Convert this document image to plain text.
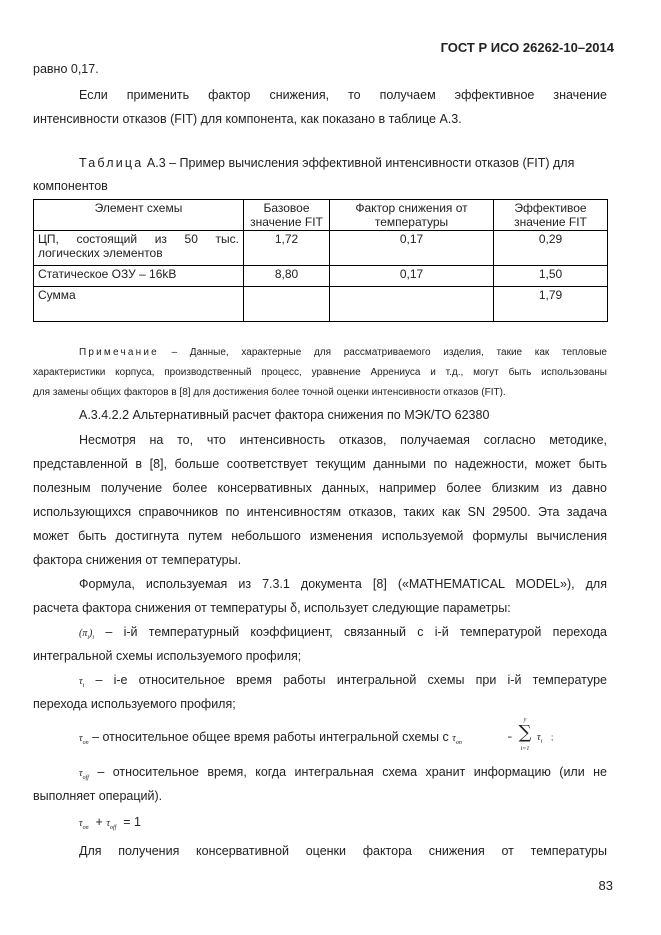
ГОСТ Р ИСО 26262-10–2014
равно 0,17.
Если применить фактор снижения, то получаем эффективное значение
интенсивности отказов (FIT) для компонента, как показано в таблице A.3.
Таблица A.3 – Пример вычисления эффективной интенсивности отказов (FIT) для
компонентов
Элемент схемы	Базовое значение FIT	Фактор снижения от температуры	Эффективое значение FIT

ЦП, состоящий из 50 тыс.
логических элементов	1,72	0,17	0,29
Статическое ОЗУ – 16kВ	8,80	0,17	1,50
Сумма			1,79
Примечание – Данные, характерные для рассматриваемого изделия, такие как тепловые
характеристики корпуса, производственный процесс, уравнение Аррениуса и т.д., могут быть использованы
для замены общих факторов в [8] для достижения более точной оценки интенсивности отказов (FIT).
A.3.4.2.2 Альтернативный расчет фактора снижения по МЭК/ТО 62380
Несмотря на то, что интенсивность отказов, получаемая согласно методике,
представленной в [8], больше соответствует текущим данными по надежности, может быть
полезным получение более консервативных данных, например более близким из давно
использующихся справочников по интенсивностям отказов, таких как SN 29500. Эта задача
может быть достигнута путем небольшого изменения используемой формулы вычисления
фактора снижения от температуры.
Формула, используемая из 7.3.1 документа [8] («MATHEMATICAL MODEL»), для
расчета фактора снижения от температуры δ, использует следующие параметры:
$(\pi_i)_i - i-й$ температурный коэффициент, связанный с i-й температурой перехода
интегральной схемы используемого профиля;
$\tau_i - i-е$ относительное время работы интегральной схемы при i-й температуре
перехода используемого профиля;
$\tau_{on}$ – относительное общее время работы интегральной схемы с $\tau_{on}$
= ∑
y
i=1
$\tau_i$ ;
$\tau_{off}$ – относительное время, когда интегральная схема хранит информацию (или не
выполняет операций).
$\tau_{on} + \tau_{off} = 1$
Для получения консервативной оценки фактора снижения от температуры
83
